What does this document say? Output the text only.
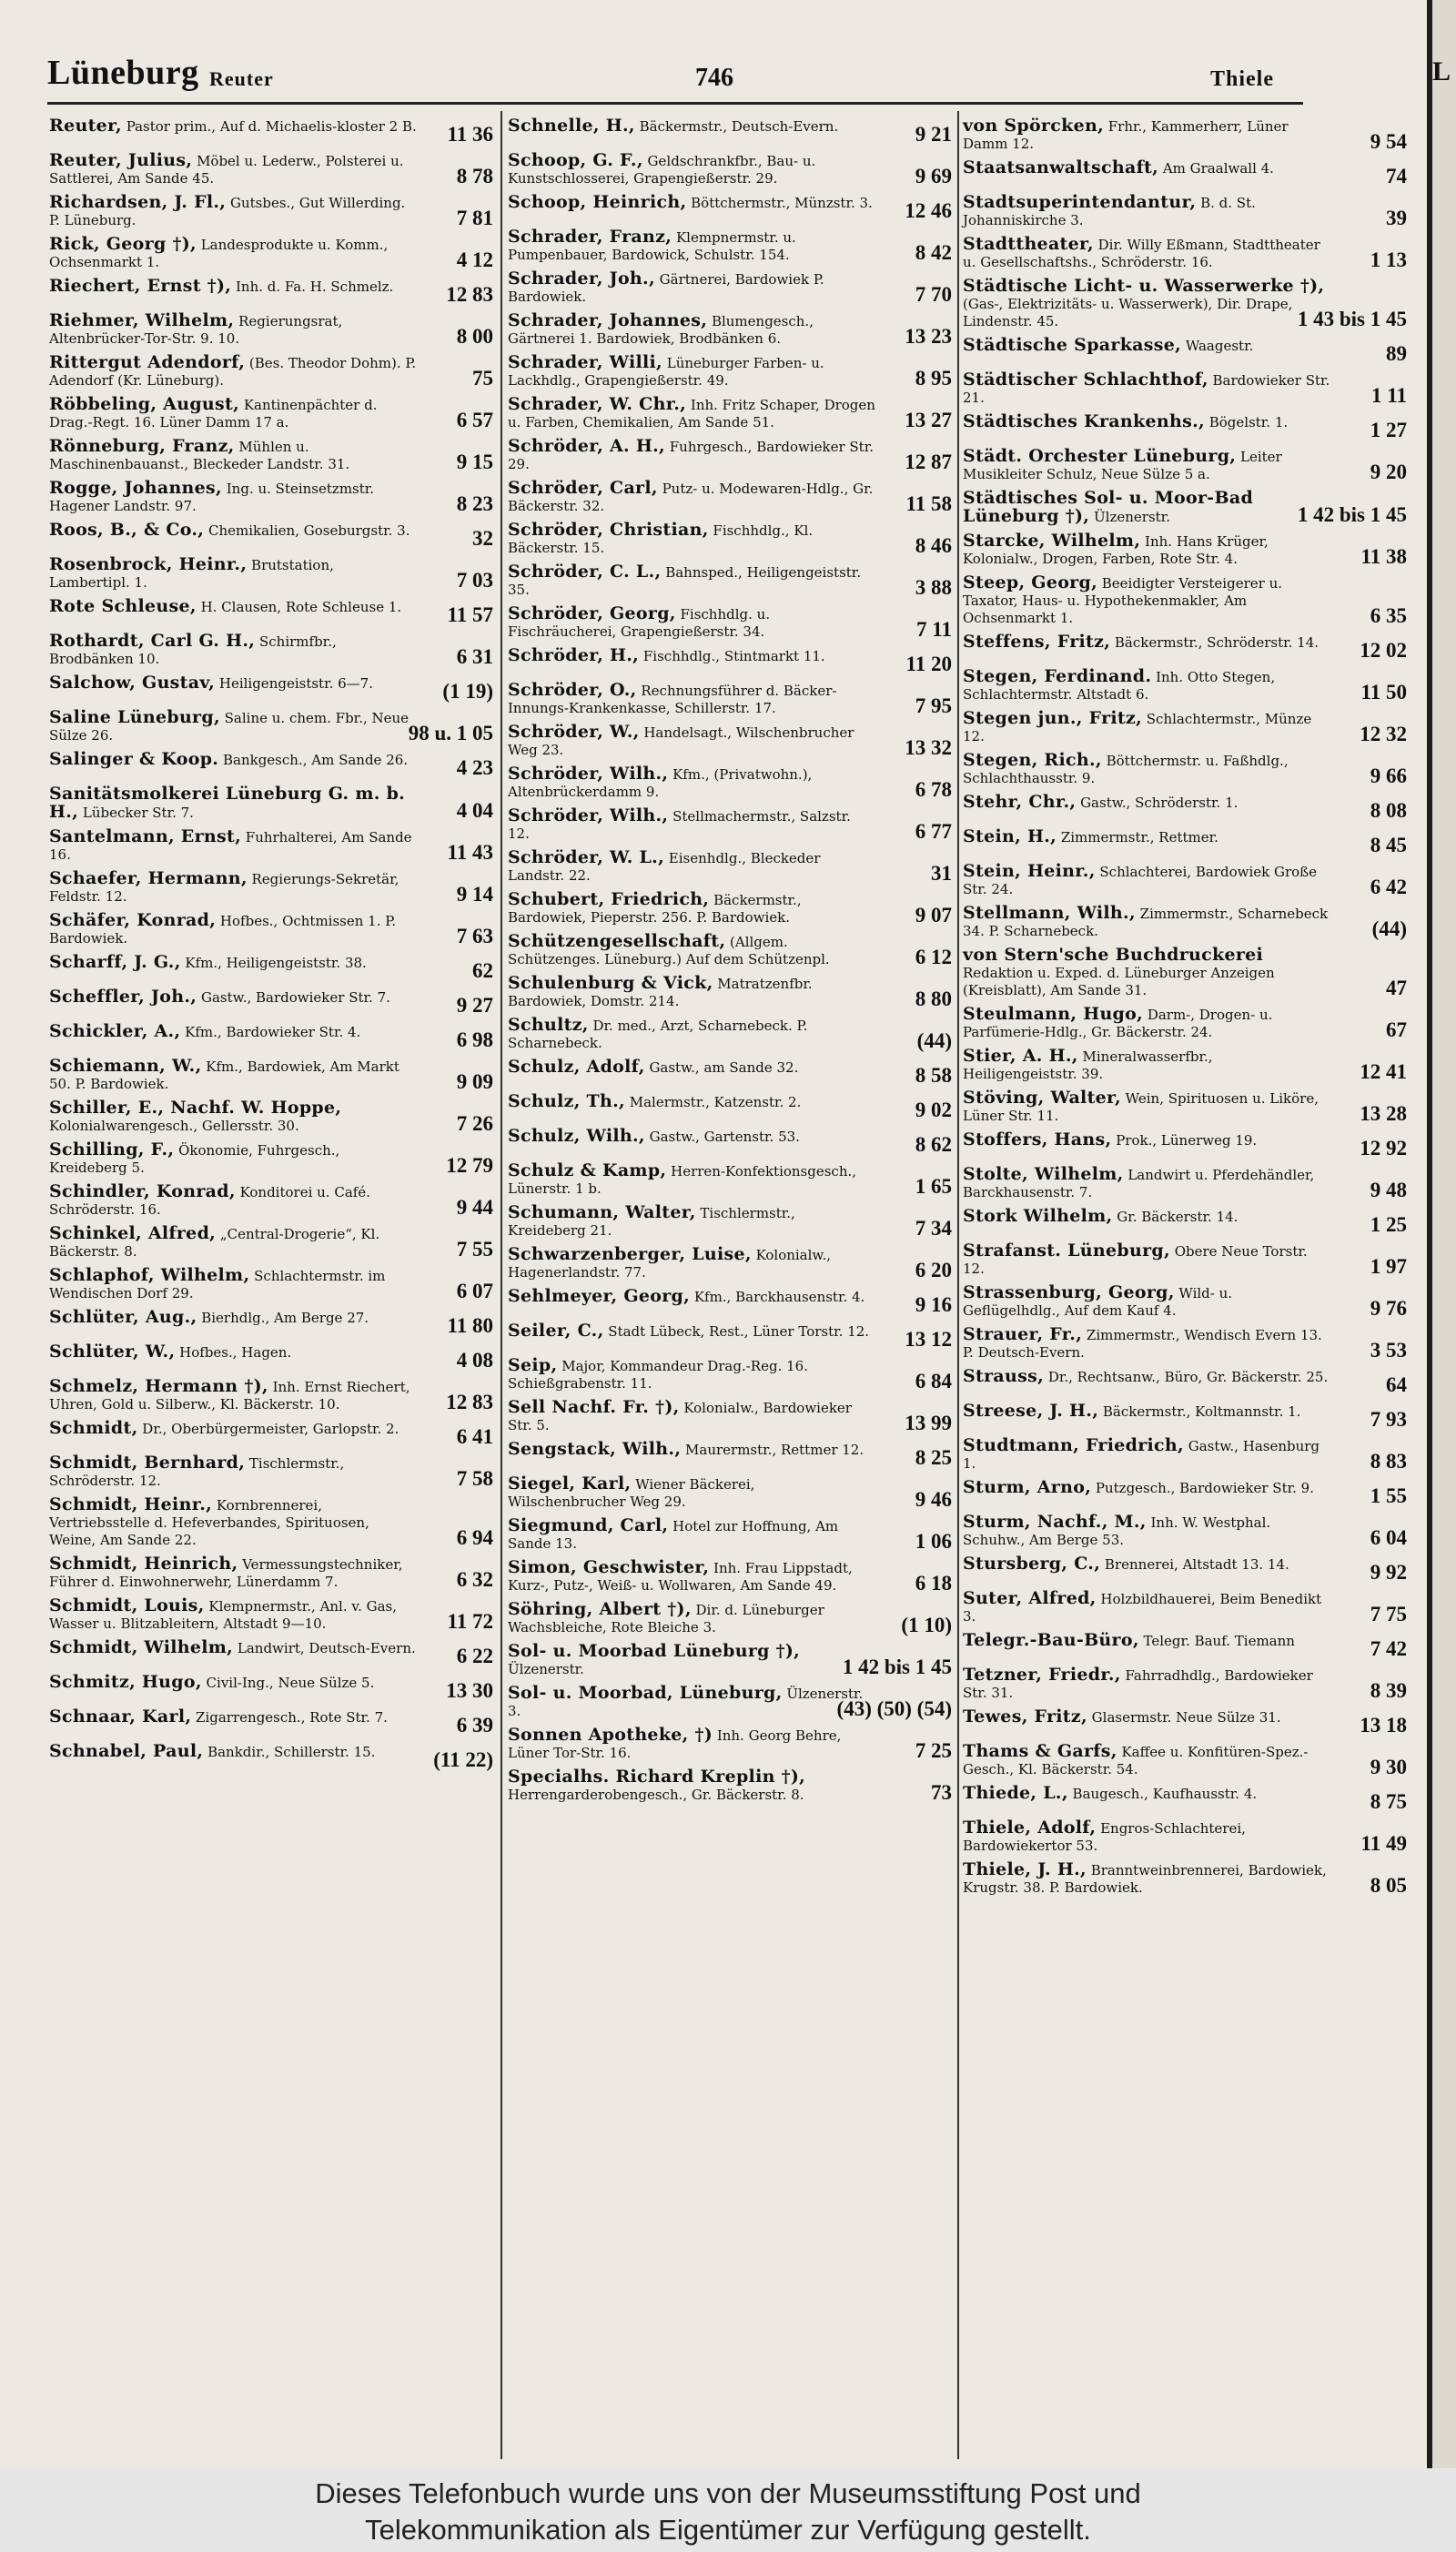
Lüneburg Reuter	746	Thiele
Reuter, Pastor prim., Auf d. Michaelis-kloster 2 B. 11 36
Reuter, Julius, Möbel u. Lederw., Polsterei u. Sattlerei, Am Sande 45.	8 78
Richardsen, J. Fl., Gutsbes., Gut Willerding. P. Lüneburg.	7 81
Rick, Georg †), Landesprodukte u. Komm., Ochsenmarkt 1.	4 12
Riechert, Ernst †), Inh. d. Fa. H. Schmelz.	12 83
Riehmer, Wilhelm, Regierungsrat, Altenbrücker-Tor-Str. 9. 10.	8 00
Rittergut Adendorf, (Bes. Theodor Dohm). P. Adendorf (Kr. Lüneburg).	75
Röbbeling, August, Kantinenpächter d. Drag.-Regt. 16. Lüner Damm 17 a.	6 57
Rönneburg, Franz, Mühlen u. Maschinenbauanst., Bleckeder Landstr. 31.	9 15
Rogge, Johannes, Ing. u. Steinsetzmstr. Hagener Landstr. 97.	8 23
Roos, B., & Co., Chemikalien, Goseburgstr. 3.	32
Rosenbrock, Heinr., Brutstation, Lambertipl. 1.	7 03
Rote Schleuse, H. Clausen, Rote Schleuse 1. 11 57
Rothardt, Carl G. H., Schirmfbr., Brodbänken 10.	6 31
Salchow, Gustav, Heiligengeiststr. 6—7.	(1 19)
Saline Lüneburg, Saline u. chem. Fbr., Neue Sülze 26.	98 u. 1 05
Salinger & Koop. Bankgesch., Am Sande 26. 4 23
Sanitätsmolkerei Lüneburg G. m. b. H., Lübecker Str. 7.	4 04
Santelmann, Ernst, Fuhrhalterei, Am Sande 16.	11 43
Schaefer, Hermann, Regierungs-Sekretär, Feldstr. 12.	9 14
Schäfer, Konrad, Hofbes., Ochtmissen 1. P. Bardowiek.	7 63
Scharff, J. G., Kfm., Heiligengeiststr. 38.	62
Scheffler, Joh., Gastw., Bardowieker Str. 7.	9 27
Schickler, A., Kfm., Bardowieker Str. 4.	6 98
Schiemann, W., Kfm., Bardowiek, Am Markt 50. P. Bardowiek.	9 09
Schiller, E., Nachf. W. Hoppe, Kolonialwarengesch., Gellersstr. 30.	7 26
Schilling, F., Ökonomie, Fuhrgesch., Kreideberg 5.	12 79
Schindler, Konrad, Konditorei u. Café. Schröderstr. 16.	9 44
Schinkel, Alfred, „Central-Drogerie“, Kl. Bäckerstr. 8.	7 55
Schlaphof, Wilhelm, Schlachtermstr. im Wendischen Dorf 29.	6 07
Schlüter, Aug., Bierhdlg., Am Berge 27.	11 80
Schlüter, W., Hofbes., Hagen.	4 08
Schmelz, Hermann †), Inh. Ernst Riechert, Uhren, Gold u. Silberw., Kl. Bäckerstr. 10.	12 83
Schmidt, Dr., Oberbürgermeister, Garlopstr. 2.	6 41
Schmidt, Bernhard, Tischlermstr., Schröderstr. 12.	7 58
Schmidt, Heinr., Kornbrennerei, Vertriebsstelle d. Hefeverbandes, Spirituosen, Weine, Am Sande 22.	6 94
Schmidt, Heinrich, Vermessungstechniker, Führer d. Einwohnerwehr, Lünerdamm 7.	6 32
Schmidt, Louis, Klempnermstr., Anl. v. Gas, Wasser u. Blitzableitern, Altstadt 9—10.	11 72
Schmidt, Wilhelm, Landwirt, Deutsch-Evern. 6 22
Schmitz, Hugo, Civil-Ing., Neue Sülze 5.	13 30
Schnaar, Karl, Zigarrengesch., Rote Str. 7.	6 39
Schnabel, Paul, Bankdir., Schillerstr. 15.	(11 22)
Schnelle, H., Bäckermstr., Deutsch-Evern.	9 21
Schoop, G. F., Geldschrankfbr., Bau- u. Kunstschlosserei, Grapengießerstr. 29.	9 69
Schoop, Heinrich, Böttchermstr., Münzstr. 3. 12 46
Schrader, Franz, Klempnermstr. u. Pumpenbauer, Bardowick, Schulstr. 154.	8 42
Schrader, Joh., Gärtnerei, Bardowiek P. Bardowiek.	7 70
Schrader, Johannes, Blumengesch., Gärtnerei 1. Bardowiek, Brodbänken 6.	13 23
Schrader, Willi, Lüneburger Farben- u. Lackhdlg., Grapengießerstr. 49.	8 95
Schrader, W. Chr., Inh. Fritz Schaper, Drogen u. Farben, Chemikalien, Am Sande 51.	13 27
Schröder, A. H., Fuhrgesch., Bardowieker Str. 29.	12 87
Schröder, Carl, Putz- u. Modewaren-Hdlg., Gr. Bäckerstr. 32.	11 58
Schröder, Christian, Fischhdlg., Kl. Bäckerstr. 15.	8 46
Schröder, C. L., Bahnsped., Heiligengeiststr. 35.	3 88
Schröder, Georg, Fischhdlg. u. Fischräucherei, Grapengießerstr. 34.	7 11
Schröder, H., Fischhdlg., Stintmarkt 11.	11 20
Schröder, O., Rechnungsführer d. Bäcker-Innungs-Krankenkasse, Schillerstr. 17.	7 95
Schröder, W., Handelsagt., Wilschenbrucher Weg 23.	13 32
Schröder, Wilh., Kfm., (Privatwohn.), Altenbrückerdamm 9.	6 78
Schröder, Wilh., Stellmachermstr., Salzstr. 12.	6 77
Schröder, W. L., Eisenhdlg., Bleckeder Landstr. 22.	31
Schubert, Friedrich, Bäckermstr., Bardowiek, Pieperstr. 256. P. Bardowiek.	9 07
Schützengesellschaft, (Allgem. Schützenges. Lüneburg.) Auf dem Schützenpl.	6 12
Schulenburg & Vick, Matratzenfbr. Bardowiek, Domstr. 214.	8 80
Schultz, Dr. med., Arzt, Scharnebeck. P. Scharnebeck.	(44)
Schulz, Adolf, Gastw., am Sande 32.	8 58
Schulz, Th., Malermstr., Katzenstr. 2.	9 02
Schulz, Wilh., Gastw., Gartenstr. 53.	8 62
Schulz & Kamp, Herren-Konfektionsgesch., Lünerstr. 1 b.	1 65
Schumann, Walter, Tischlermstr., Kreideberg 21.	7 34
Schwarzenberger, Luise, Kolonialw., Hagenerlandstr. 77.	6 20
Sehlmeyer, Georg, Kfm., Barckhausenstr. 4. 9 16
Seiler, C., Stadt Lübeck, Rest., Lüner Torstr. 12. 13 12
Seip, Major, Kommandeur Drag.-Reg. 16. Schießgrabenstr. 11.	6 84
Sell Nachf. Fr. †), Kolonialw., Bardowieker Str. 5.	13 99
Sengstack, Wilh., Maurermstr., Rettmer 12. 8 25
Siegel, Karl, Wiener Bäckerei, Wilschenbrucher Weg 29.	9 46
Siegmund, Carl, Hotel zur Hoffnung, Am Sande 13.	1 06
Simon, Geschwister, Inh. Frau Lippstadt, Kurz-, Putz-, Weiß- u. Wollwaren, Am Sande 49.	6 18
Söhring, Albert †), Dir. d. Lüneburger Wachsbleiche, Rote Bleiche 3.	(1 10)
Sol- u. Moorbad Lüneburg †), Ülzenerstr.	1 42 bis 1 45
Sol- u. Moorbad, Lüneburg, Ülzenerstr. 3.	(43) (50) (54)
Sonnen Apotheke, †) Inh. Georg Behre, Lüner Tor-Str. 16.	7 25
Specialhs. Richard Kreplin †), Herrengarderobengesch., Gr. Bäckerstr. 8.	73
von Spörcken, Frhr., Kammerherr, Lüner Damm 12.	9 54
Staatsanwaltschaft, Am Graalwall 4.	74
Stadtsuperintendantur, B. d. St. Johanniskirche 3.	39
Stadttheater, Dir. Willy Eßmann, Stadttheater u. Gesellschaftshs., Schröderstr. 16.	1 13
Städtische Licht- u. Wasserwerke †), (Gas-, Elektrizitäts- u. Wasserwerk), Dir. Drape, Lindenstr. 45.	1 43 bis 1 45
Städtische Sparkasse, Waagestr.	89
Städtischer Schlachthof, Bardowieker Str. 21.	1 11
Städtisches Krankenhs., Bögelstr. 1.	1 27
Städt. Orchester Lüneburg, Leiter Musikleiter Schulz, Neue Sülze 5 a.	9 20
Städtisches Sol- u. Moor-Bad Lüneburg †), Ülzenerstr.	1 42 bis 1 45
Starcke, Wilhelm, Inh. Hans Krüger, Kolonialw., Drogen, Farben, Rote Str. 4.	11 38
Steep, Georg, Beeidigter Versteigerer u. Taxator, Haus- u. Hypothekenmakler, Am Ochsenmarkt 1.	6 35
Steffens, Fritz, Bäckermstr., Schröderstr. 14. 12 02
Stegen, Ferdinand. Inh. Otto Stegen, Schlachtermstr. Altstadt 6.	11 50
Stegen jun., Fritz, Schlachtermstr., Münze 12.	12 32
Stegen, Rich., Böttchermstr. u. Faßhdlg., Schlachthausstr. 9.	9 66
Stehr, Chr., Gastw., Schröderstr. 1.	8 08
Stein, H., Zimmermstr., Rettmer.	8 45
Stein, Heinr., Schlachterei, Bardowiek Große Str. 24.	6 42
Stellmann, Wilh., Zimmermstr., Scharnebeck 34. P. Scharnebeck.	(44)
von Stern'sche Buchdruckerei Redaktion u. Exped. d. Lüneburger Anzeigen (Kreisblatt), Am Sande 31.	47
Steulmann, Hugo, Darm-, Drogen- u. Parfümerie-Hdlg., Gr. Bäckerstr. 24.	67
Stier, A. H., Mineralwasserfbr., Heiligengeiststr. 39.	12 41
Stöving, Walter, Wein, Spirituosen u. Liköre, Lüner Str. 11.	13 28
Stoffers, Hans, Prok., Lünerweg 19.	12 92
Stolte, Wilhelm, Landwirt u. Pferdehändler, Barckhausenstr. 7.	9 48
Stork Wilhelm, Gr. Bäckerstr. 14.	1 25
Strafanst. Lüneburg, Obere Neue Torstr. 12.	1 97
Strassenburg, Georg, Wild- u. Geflügelhdlg., Auf dem Kauf 4.	9 76
Strauer, Fr., Zimmermstr., Wendisch Evern 13. P. Deutsch-Evern.	3 53
Strauss, Dr., Rechtsanw., Büro, Gr. Bäckerstr. 25.	64
Streese, J. H., Bäckermstr., Koltmannstr. 1.	7 93
Studtmann, Friedrich, Gastw., Hasenburg 1.	8 83
Sturm, Arno, Putzgesch., Bardowieker Str. 9.	1 55
Sturm, Nachf., M., Inh. W. Westphal. Schuhw., Am Berge 53.	6 04
Stursberg, C., Brennerei, Altstadt 13. 14.	9 92
Suter, Alfred, Holzbildhauerei, Beim Benedikt 3.	7 75
Telegr.-Bau-Büro, Telegr. Bauf. Tiemann	7 42
Tetzner, Friedr., Fahrradhdlg., Bardowieker Str. 31.	8 39
Tewes, Fritz, Glasermstr. Neue Sülze 31.	13 18
Thams & Garfs, Kaffee u. Konfitüren-Spez.-Gesch., Kl. Bäckerstr. 54.	9 30
Thiede, L., Baugesch., Kaufhausstr. 4.	8 75
Thiele, Adolf, Engros-Schlachterei, Bardowiekertor 53.	11 49
Thiele, J. H., Branntweinbrennerei, Bardowiek, Krugstr. 38. P. Bardowiek.	8 05
L
Dieses Telefonbuch wurde uns von der Museumsstiftung Post und
Telekommunikation als Eigentümer zur Verfügung gestellt.
